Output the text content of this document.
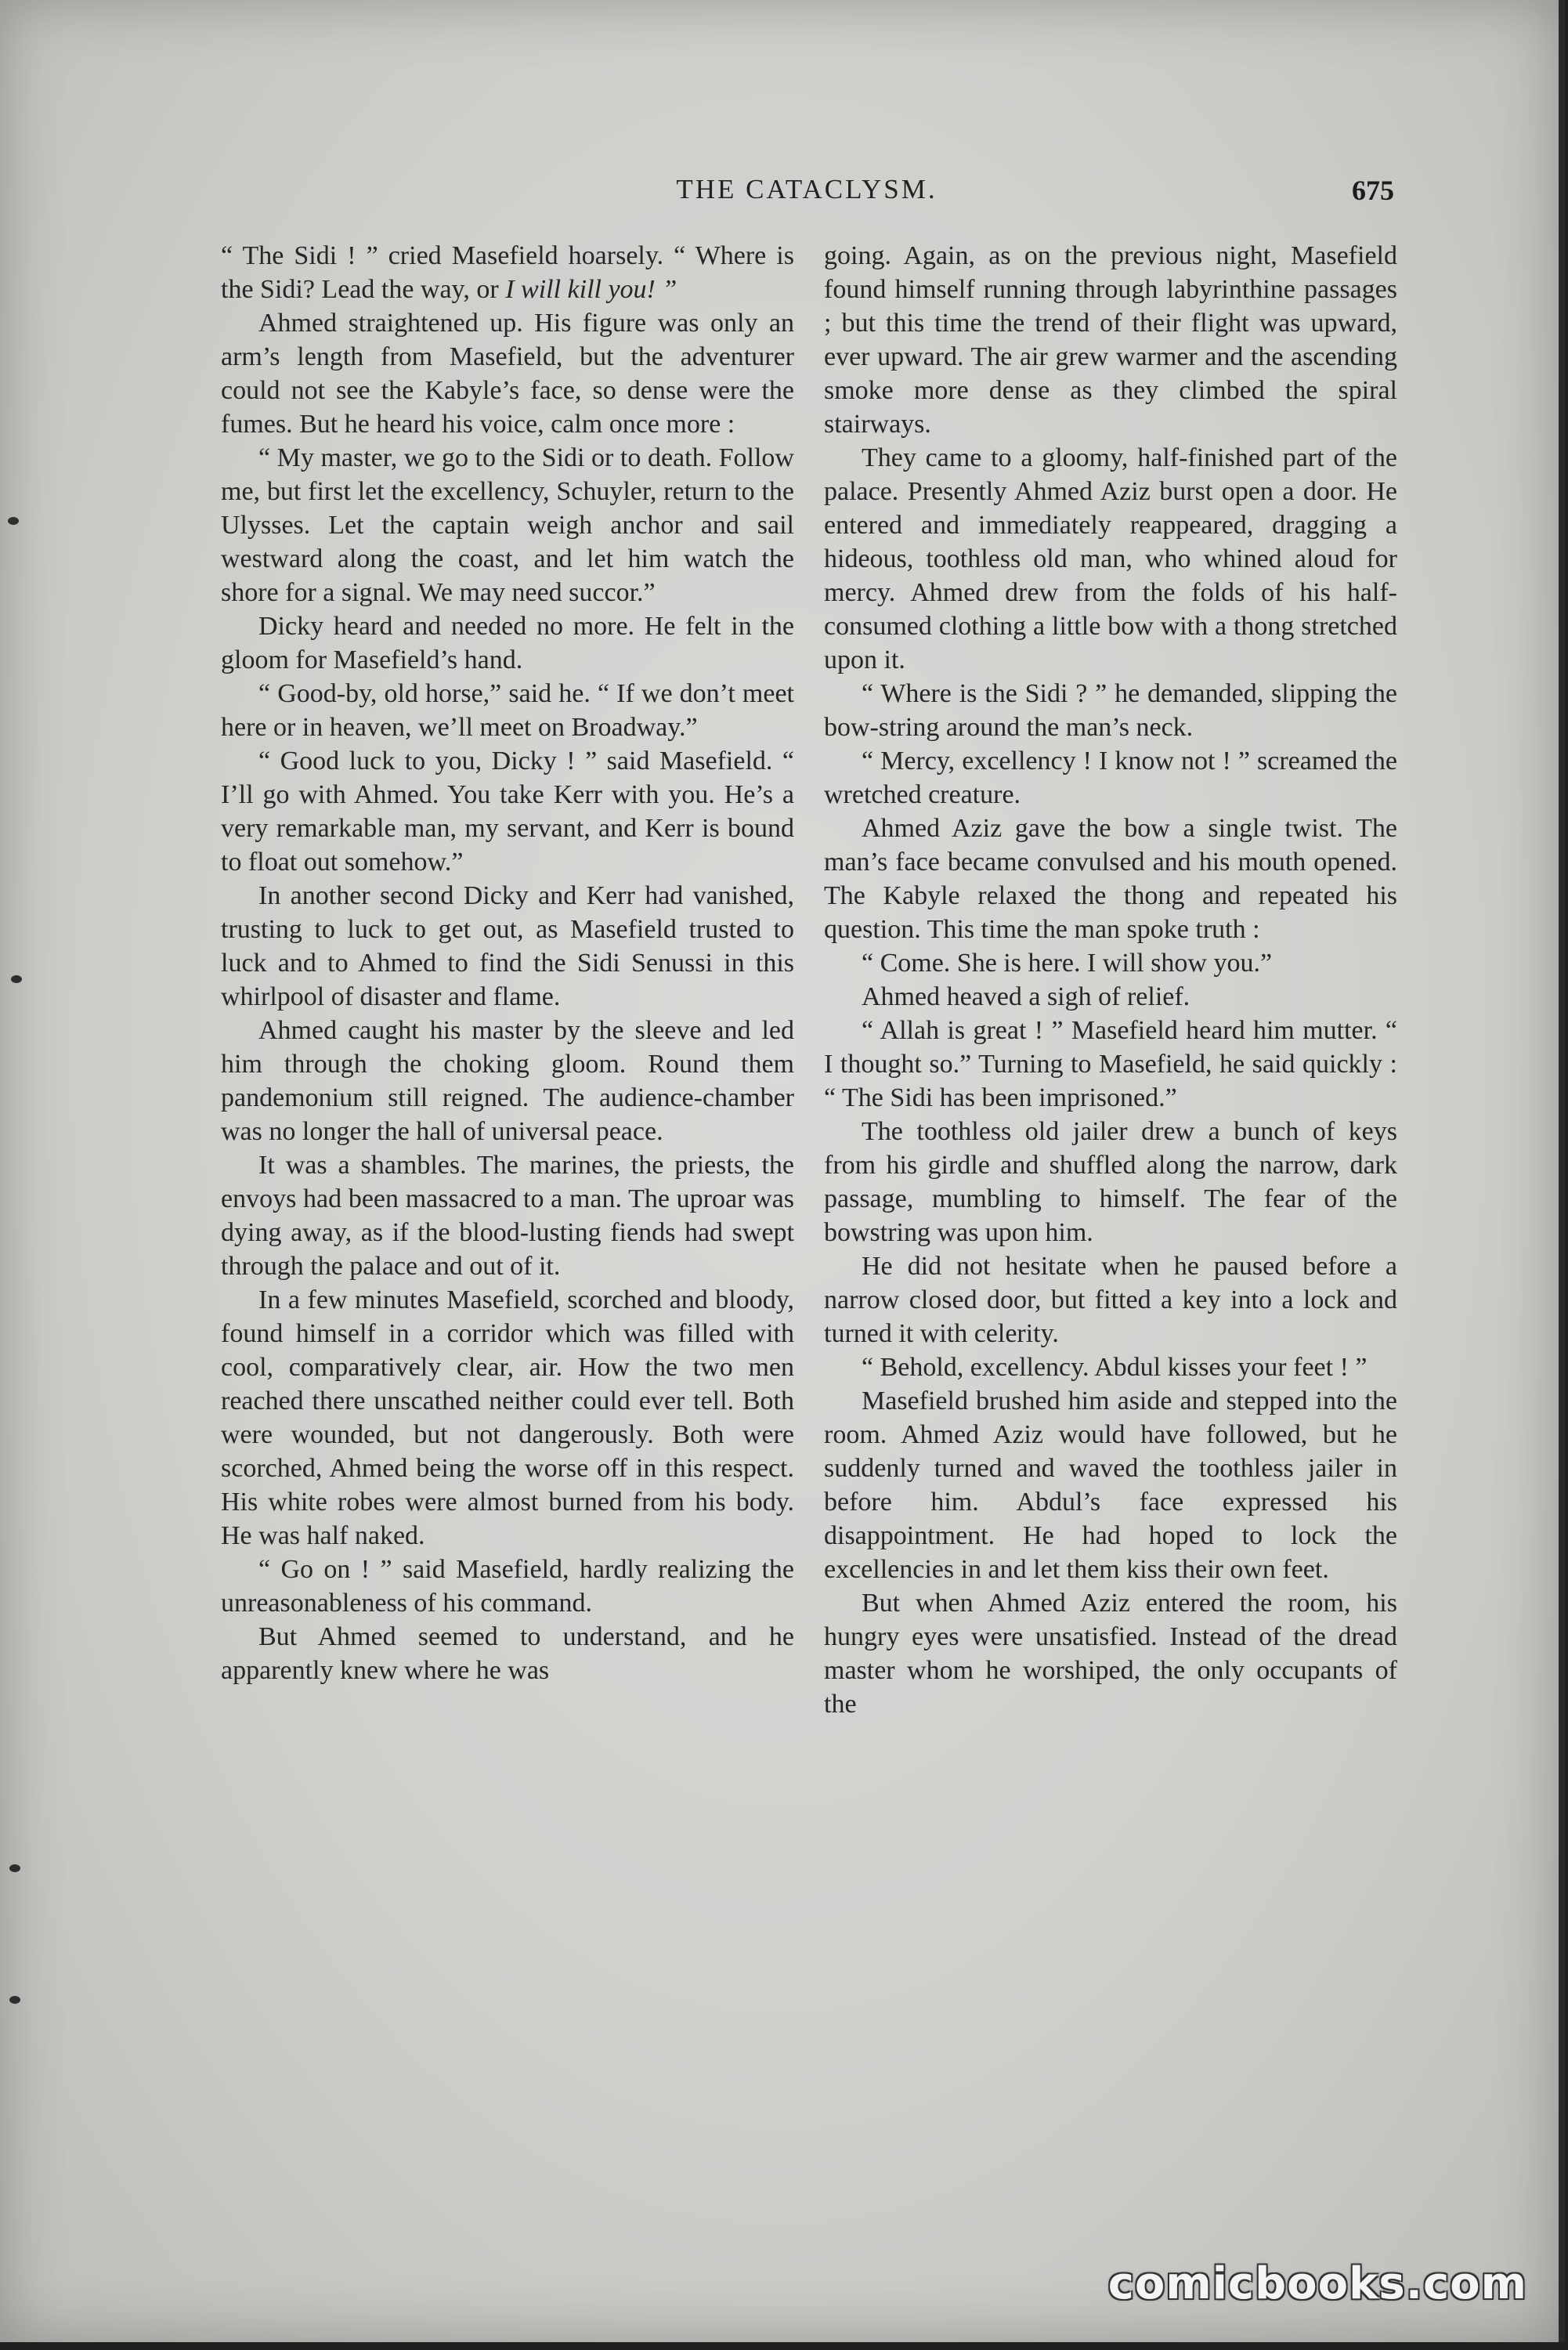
THE CATACLYSM.	675

“ The Sidi ! ” cried Masefield hoarsely. “ Where is the Sidi? Lead the way, or I will kill you! ”

Ahmed straightened up. His figure was only an arm’s length from Masefield, but the adventurer could not see the Kabyle’s face, so dense were the fumes. But he heard his voice, calm once more :

“ My master, we go to the Sidi or to death. Follow me, but first let the excellency, Schuyler, return to the Ulysses. Let the captain weigh anchor and sail westward along the coast, and let him watch the shore for a signal. We may need succor.”

Dicky heard and needed no more. He felt in the gloom for Masefield’s hand.

“ Good-by, old horse,” said he. “ If we don’t meet here or in heaven, we’ll meet on Broadway.”

“ Good luck to you, Dicky ! ” said Masefield. “ I’ll go with Ahmed. You take Kerr with you. He’s a very remarkable man, my servant, and Kerr is bound to float out somehow.”

In another second Dicky and Kerr had vanished, trusting to luck to get out, as Masefield trusted to luck and to Ahmed to find the Sidi Senussi in this whirlpool of disaster and flame.

Ahmed caught his master by the sleeve and led him through the choking gloom. Round them pandemonium still reigned. The audience-chamber was no longer the hall of universal peace.

It was a shambles. The marines, the priests, the envoys had been massacred to a man. The uproar was dying away, as if the blood-lusting fiends had swept through the palace and out of it.

In a few minutes Masefield, scorched and bloody, found himself in a corridor which was filled with cool, comparatively clear, air. How the two men reached there unscathed neither could ever tell. Both were wounded, but not dangerously. Both were scorched, Ahmed being the worse off in this respect. His white robes were almost burned from his body. He was half naked.

“ Go on ! ” said Masefield, hardly realizing the unreasonableness of his command.

But Ahmed seemed to understand, and he apparently knew where he was

going. Again, as on the previous night, Masefield found himself running through labyrinthine passages ; but this time the trend of their flight was upward, ever upward. The air grew warmer and the ascending smoke more dense as they climbed the spiral stairways.

They came to a gloomy, half-finished part of the palace. Presently Ahmed Aziz burst open a door. He entered and immediately reappeared, dragging a hideous, toothless old man, who whined aloud for mercy. Ahmed drew from the folds of his half-consumed clothing a little bow with a thong stretched upon it.

“ Where is the Sidi ? ” he demanded, slipping the bow-string around the man’s neck.

“ Mercy, excellency ! I know not ! ” screamed the wretched creature.

Ahmed Aziz gave the bow a single twist. The man’s face became convulsed and his mouth opened. The Kabyle relaxed the thong and repeated his question. This time the man spoke truth :

“ Come. She is here. I will show you.”

Ahmed heaved a sigh of relief.

“ Allah is great ! ” Masefield heard him mutter. “ I thought so.” Turning to Masefield, he said quickly : “ The Sidi has been imprisoned.”

The toothless old jailer drew a bunch of keys from his girdle and shuffled along the narrow, dark passage, mumbling to himself. The fear of the bowstring was upon him.

He did not hesitate when he paused before a narrow closed door, but fitted a key into a lock and turned it with celerity.

“ Behold, excellency. Abdul kisses your feet ! ”

Masefield brushed him aside and stepped into the room. Ahmed Aziz would have followed, but he suddenly turned and waved the toothless jailer in before him. Abdul’s face expressed his disappointment. He had hoped to lock the excellencies in and let them kiss their own feet.

But when Ahmed Aziz entered the room, his hungry eyes were unsatisfied. Instead of the dread master whom he worshiped, the only occupants of the

comicbooks.com
